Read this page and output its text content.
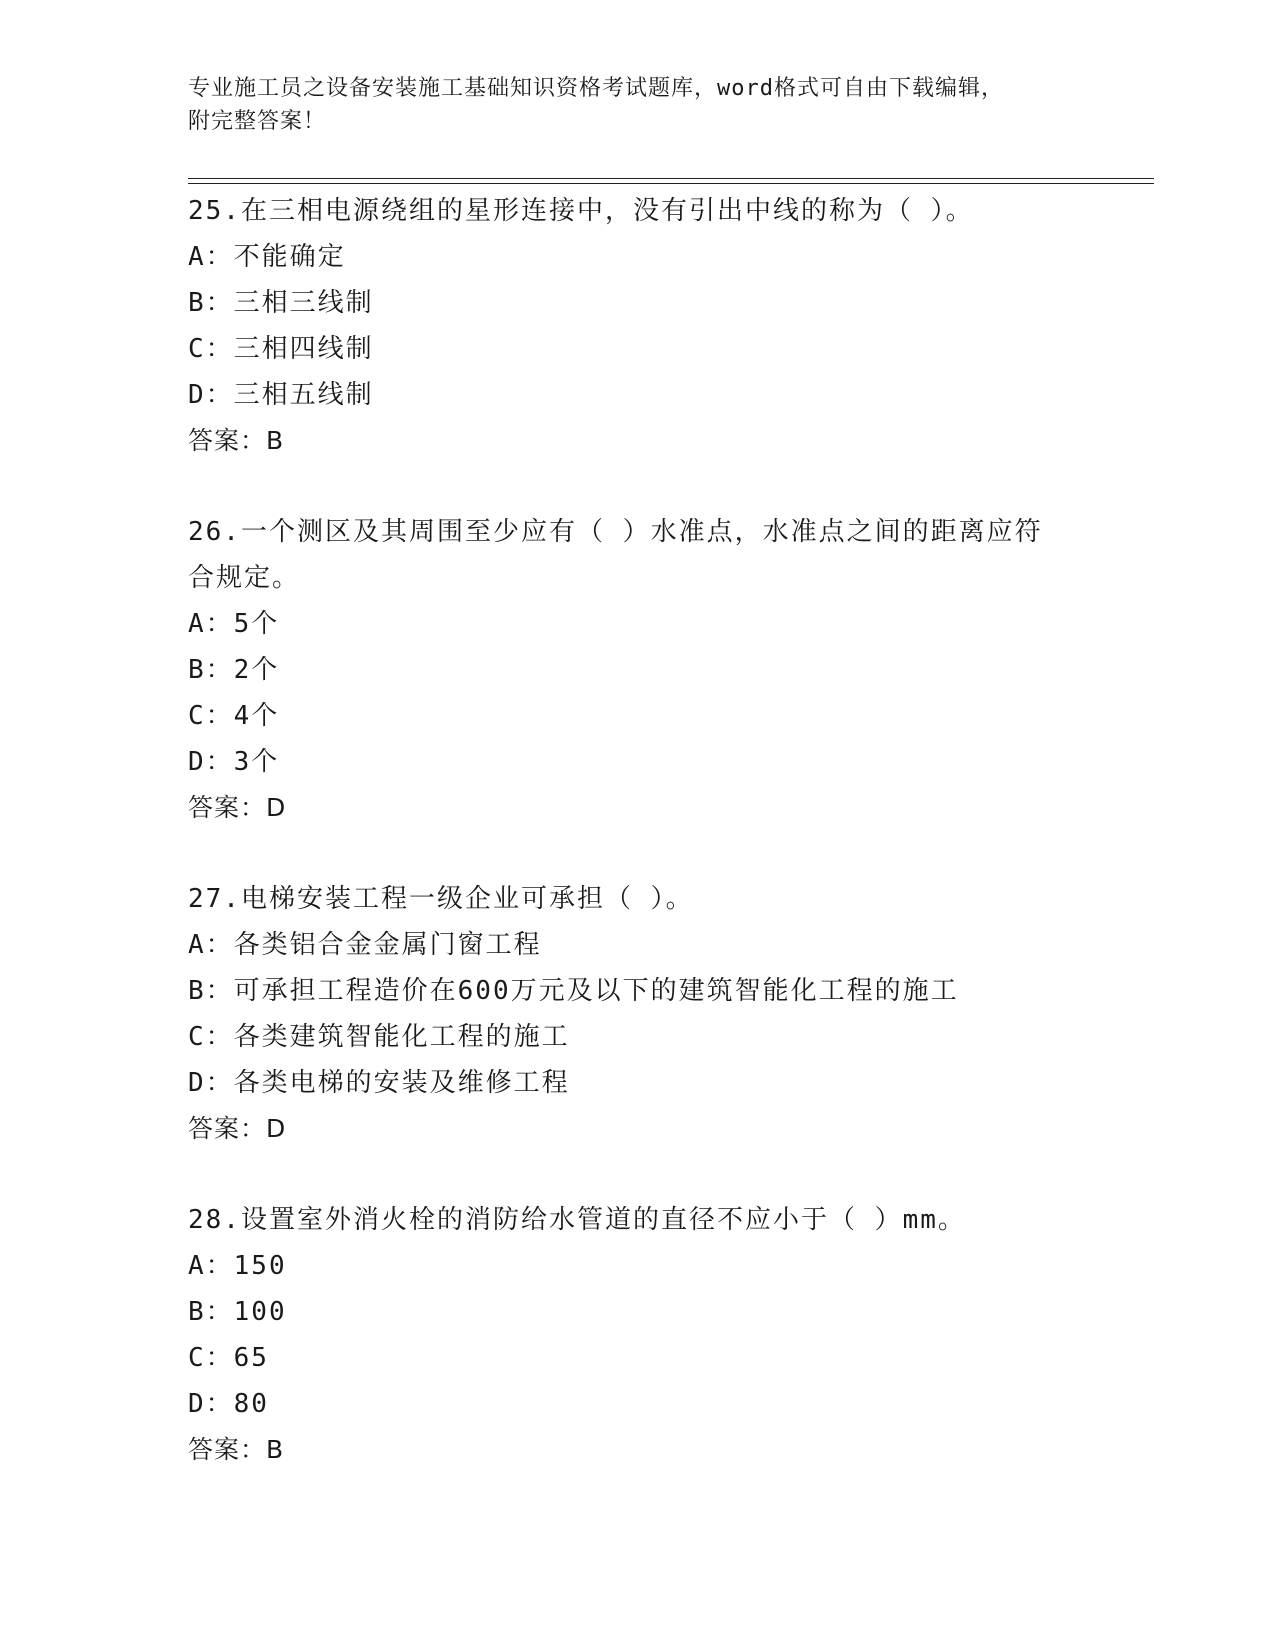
专业施工员之设备安装施工基础知识资格考试题库，word格式可自由下载编辑，
附完整答案！
25.在三相电源绕组的星形连接中，没有引出中线的称为（ ）。
A：不能确定
B：三相三线制
C：三相四线制
D：三相五线制
答案：B
26.一个测区及其周围至少应有（ ）水准点，水准点之间的距离应符
合规定。
A：5个
B：2个
C：4个
D：3个
答案：D
27.电梯安装工程一级企业可承担（ ）。
A：各类铝合金金属门窗工程
B：可承担工程造价在600万元及以下的建筑智能化工程的施工
C：各类建筑智能化工程的施工
D：各类电梯的安装及维修工程
答案：D
28.设置室外消火栓的消防给水管道的直径不应小于（ ）mm。
A：150
B：100
C：65
D：80
答案：B
